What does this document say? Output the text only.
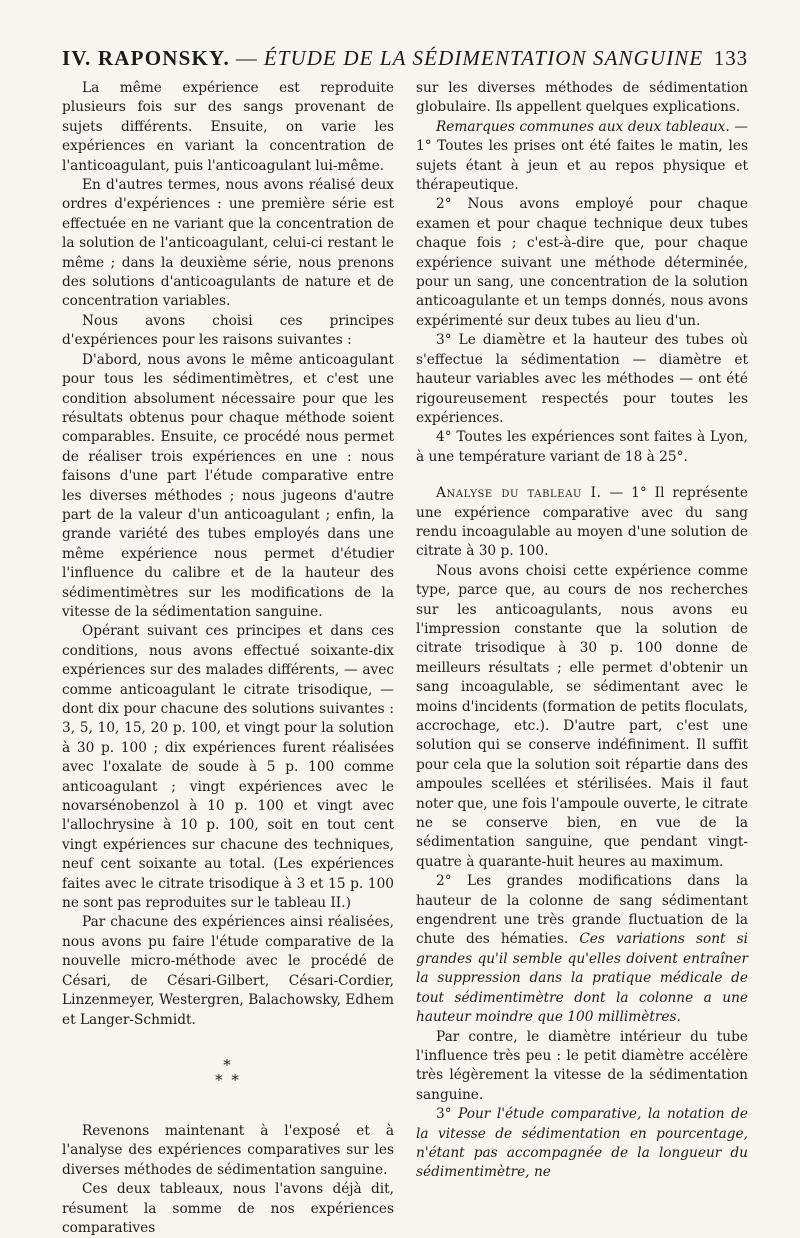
IV. RAPONSKY. — ÉTUDE DE LA SÉDIMENTATION SANGUINE 133

La même expérience est reproduite plusieurs fois sur des sangs provenant de sujets différents. Ensuite, on varie les expériences en variant la concentration de l'anticoagulant, puis l'anticoagulant lui-même.

En d'autres termes, nous avons réalisé deux ordres d'expériences : une première série est effectuée en ne variant que la concentration de la solution de l'anticoagulant, celui-ci restant le même ; dans la deuxième série, nous prenons des solutions d'anticoagulants de nature et de concentration variables.

Nous avons choisi ces principes d'expériences pour les raisons suivantes :

D'abord, nous avons le même anticoagulant pour tous les sédimentimètres, et c'est une condition absolument nécessaire pour que les résultats obtenus pour chaque méthode soient comparables. Ensuite, ce procédé nous permet de réaliser trois expériences en une : nous faisons d'une part l'étude comparative entre les diverses méthodes ; nous jugeons d'autre part de la valeur d'un anticoagulant ; enfin, la grande variété des tubes employés dans une même expérience nous permet d'étudier l'influence du calibre et de la hauteur des sédimentimètres sur les modifications de la vitesse de la sédimentation sanguine.

Opérant suivant ces principes et dans ces conditions, nous avons effectué soixante-dix expériences sur des malades différents, — avec comme anticoagulant le citrate trisodique, — dont dix pour chacune des solutions suivantes : 3, 5, 10, 15, 20 p. 100, et vingt pour la solution à 30 p. 100 ; dix expériences furent réalisées avec l'oxalate de soude à 5 p. 100 comme anticoagulant ; vingt expériences avec le novarsénobenzol à 10 p. 100 et vingt avec l'allochrysine à 10 p. 100, soit en tout cent vingt expériences sur chacune des techniques, neuf cent soixante au total. (Les expériences faites avec le citrate trisodique à 3 et 15 p. 100 ne sont pas reproduites sur le tableau II.)

Par chacune des expériences ainsi réalisées, nous avons pu faire l'étude comparative de la nouvelle micro-méthode avec le procédé de Césari, de Césari-Gilbert, Césari-Cordier, Linzenmeyer, Westergren, Balachowsky, Edhem et Langer-Schmidt.

*
* *

Revenons maintenant à l'exposé et à l'analyse des expériences comparatives sur les diverses méthodes de sédimentation sanguine.

Ces deux tableaux, nous l'avons déjà dit, résument la somme de nos expériences comparatives

sur les diverses méthodes de sédimentation globulaire. Ils appellent quelques explications.

Remarques communes aux deux tableaux. — 1° Toutes les prises ont été faites le matin, les sujets étant à jeun et au repos physique et thérapeutique.

2° Nous avons employé pour chaque examen et pour chaque technique deux tubes chaque fois ; c'est-à-dire que, pour chaque expérience suivant une méthode déterminée, pour un sang, une concentration de la solution anticoagulante et un temps donnés, nous avons expérimenté sur deux tubes au lieu d'un.

3° Le diamètre et la hauteur des tubes où s'effectue la sédimentation — diamètre et hauteur variables avec les méthodes — ont été rigoureusement respectés pour toutes les expériences.

4° Toutes les expériences sont faites à Lyon, à une température variant de 18 à 25°.

Analyse du tableau I. — 1° Il représente une expérience comparative avec du sang rendu incoagulable au moyen d'une solution de citrate à 30 p. 100.

Nous avons choisi cette expérience comme type, parce que, au cours de nos recherches sur les anticoagulants, nous avons eu l'impression constante que la solution de citrate trisodique à 30 p. 100 donne de meilleurs résultats ; elle permet d'obtenir un sang incoagulable, se sédimentant avec le moins d'incidents (formation de petits floculats, accrochage, etc.). D'autre part, c'est une solution qui se conserve indéfiniment. Il suffit pour cela que la solution soit répartie dans des ampoules scellées et stérilisées. Mais il faut noter que, une fois l'ampoule ouverte, le citrate ne se conserve bien, en vue de la sédimentation sanguine, que pendant vingt-quatre à quarante-huit heures au maximum.

2° Les grandes modifications dans la hauteur de la colonne de sang sédimentant engendrent une très grande fluctuation de la chute des hématies. Ces variations sont si grandes qu'il semble qu'elles doivent entraîner la suppression dans la pratique médicale de tout sédimentimètre dont la colonne a une hauteur moindre que 100 millimètres.

Par contre, le diamètre intérieur du tube l'influence très peu : le petit diamètre accélère très légèrement la vitesse de la sédimentation sanguine.

3° Pour l'étude comparative, la notation de la vitesse de sédimentation en pourcentage, n'étant pas accompagnée de la longueur du sédimentimètre, ne
